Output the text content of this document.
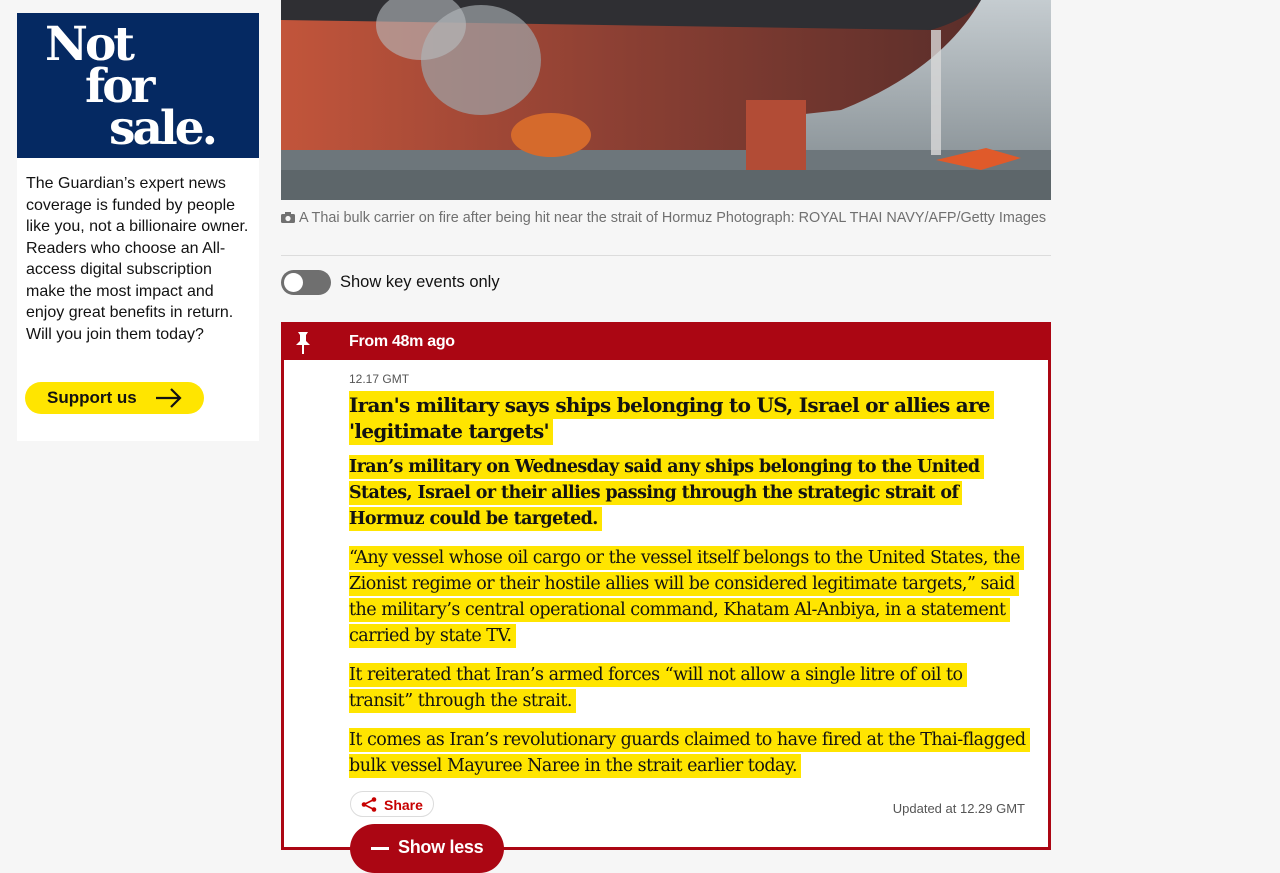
Not
for
sale.

The Guardian’s expert news coverage is funded by people like you, not a billionaire owner. Readers who choose an All-access digital subscription make the most impact and enjoy great benefits in return. Will you join them today?

Support us

A Thai bulk carrier on fire after being hit near the strait of Hormuz Photograph: ROYAL THAI NAVY/AFP/Getty Images

Show key events only
From 48m ago

12.17 GMT

Iran's military says ships belonging to US, Israel or allies are 'legitimate targets'

Iran’s military on Wednesday said any ships belonging to the United States, Israel or their allies passing through the strategic strait of Hormuz could be targeted.

“Any vessel whose oil cargo or the vessel itself belongs to the United States, the Zionist regime or their hostile allies will be considered legitimate targets,” said the military’s central operational command, Khatam Al-Anbiya, in a statement carried by state TV.

It reiterated that Iran’s armed forces “will not allow a single litre of oil to transit” through the strait.

It comes as Iran’s revolutionary guards claimed to have fired at the Thai-flagged bulk vessel Mayuree Naree in the strait earlier today.

Share	Updated at 12.29 GMT
Show less
